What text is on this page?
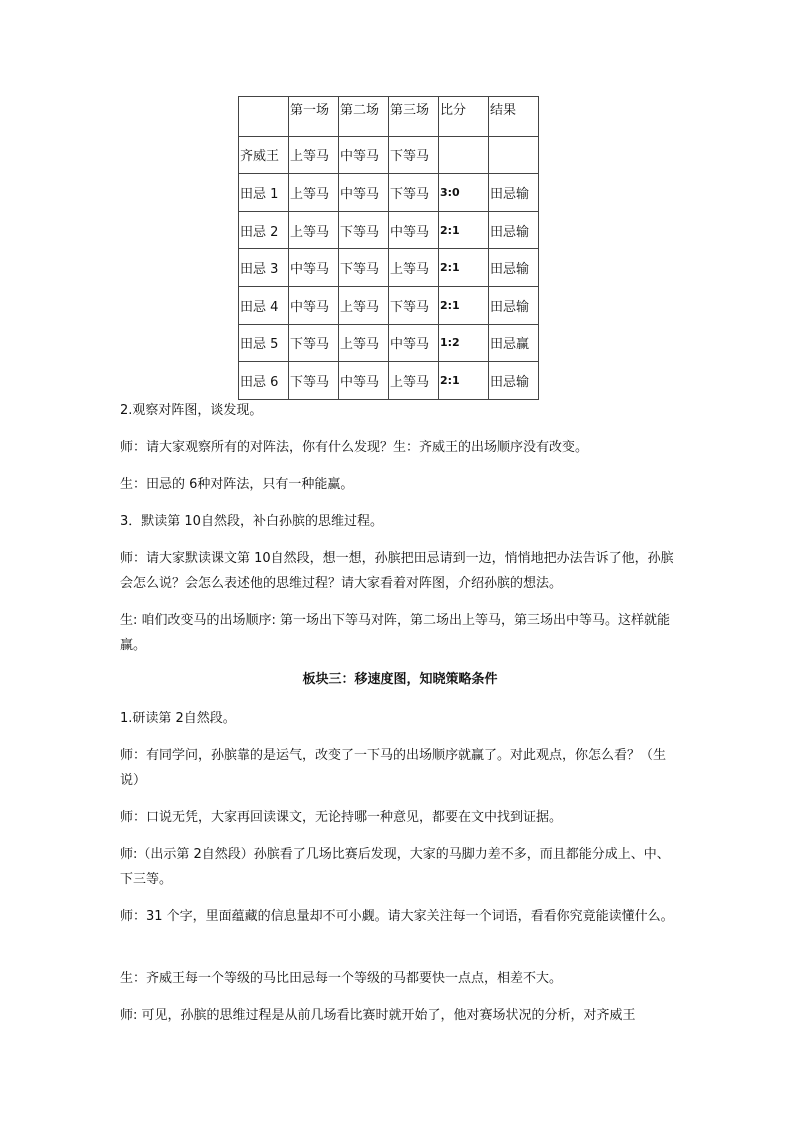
	第一场	第二场	第三场	比分	结果
齐威王	上等马	中等马	下等马		
田忌 1	上等马	中等马	下等马	3:0	田忌输
田忌 2	上等马	下等马	中等马	2:1	田忌输
田忌 3	中等马	下等马	上等马	2:1	田忌输
田忌 4	中等马	上等马	下等马	2:1	田忌输
田忌 5	下等马	上等马	中等马	1:2	田忌赢
田忌 6	下等马	中等马	上等马	2:1	田忌输

2.观察对阵图，谈发现。

师：请大家观察所有的对阵法，你有什么发现？生：齐威王的出场顺序没有改变。

生：田忌的 6种对阵法，只有一种能赢。

3．默读第 10自然段，补白孙膑的思维过程。

师：请大家默读课文第 10自然段，想一想，孙膑把田忌请到一边，悄悄地把办法告诉了他，孙膑会怎么说？会怎么表述他的思维过程？请大家看着对阵图，介绍孙膑的想法。

生: 咱们改变马的出场顺序: 第一场出下等马对阵，第二场出上等马，第三场出中等马。这样就能赢。

板块三：移速度图，知晓策略条件

1.研读第 2自然段。

师：有同学问，孙膑靠的是运气，改变了一下马的出场顺序就赢了。对此观点，你怎么看？（生说）

师：口说无凭，大家再回读课文，无论持哪一种意见，都要在文中找到证据。

师:（出示第 2自然段）孙膑看了几场比赛后发现，大家的马脚力差不多，而且都能分成上、中、下三等。

师：31 个字，里面蕴藏的信息量却不可小觑。请大家关注每一个词语，看看你究竟能读懂什么。

生：齐威王每一个等级的马比田忌每一个等级的马都要快一点点，相差不大。

师: 可见，孙膑的思维过程是从前几场看比赛时就开始了，他对赛场状况的分析，对齐威王
